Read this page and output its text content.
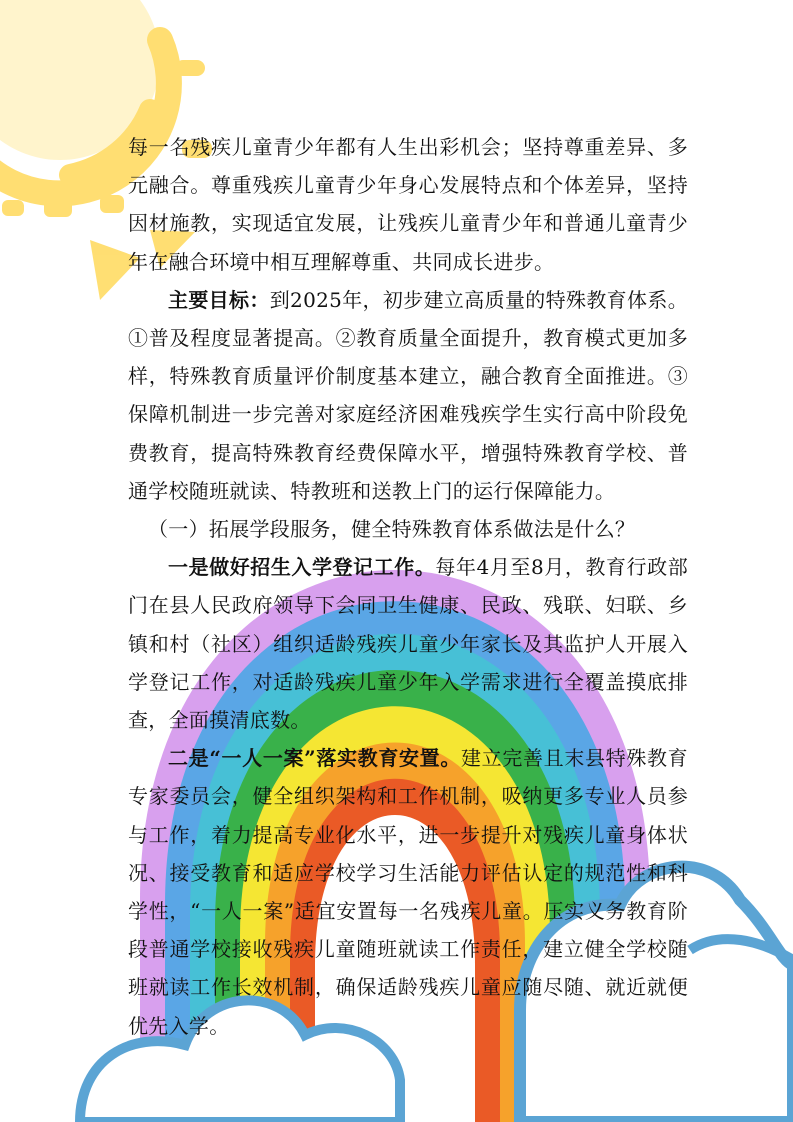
每一名残疾儿童青少年都有人生出彩机会；坚持尊重差异、多元融合。尊重残疾儿童青少年身心发展特点和个体差异，坚持因材施教，实现适宜发展，让残疾儿童青少年和普通儿童青少年在融合环境中相互理解尊重、共同成长进步。

主要目标：到2025年，初步建立高质量的特殊教育体系。①普及程度显著提高。②教育质量全面提升，教育模式更加多样，特殊教育质量评价制度基本建立，融合教育全面推进。③保障机制进一步完善对家庭经济困难残疾学生实行高中阶段免费教育，提高特殊教育经费保障水平，增强特殊教育学校、普通学校随班就读、特教班和送教上门的运行保障能力。

（一）拓展学段服务，健全特殊教育体系做法是什么？

一是做好招生入学登记工作。每年4月至8月，教育行政部门在县人民政府领导下会同卫生健康、民政、残联、妇联、乡镇和村（社区）组织适龄残疾儿童少年家长及其监护人开展入学登记工作，对适龄残疾儿童少年入学需求进行全覆盖摸底排查，全面摸清底数。

二是“一人一案”落实教育安置。建立完善且末县特殊教育专家委员会，健全组织架构和工作机制，吸纳更多专业人员参与工作，着力提高专业化水平，进一步提升对残疾儿童身体状况、接受教育和适应学校学习生活能力评估认定的规范性和科学性，“一人一案”适宜安置每一名残疾儿童。压实义务教育阶段普通学校接收残疾儿童随班就读工作责任，建立健全学校随班就读工作长效机制，确保适龄残疾儿童应随尽随、就近就便优先入学。
